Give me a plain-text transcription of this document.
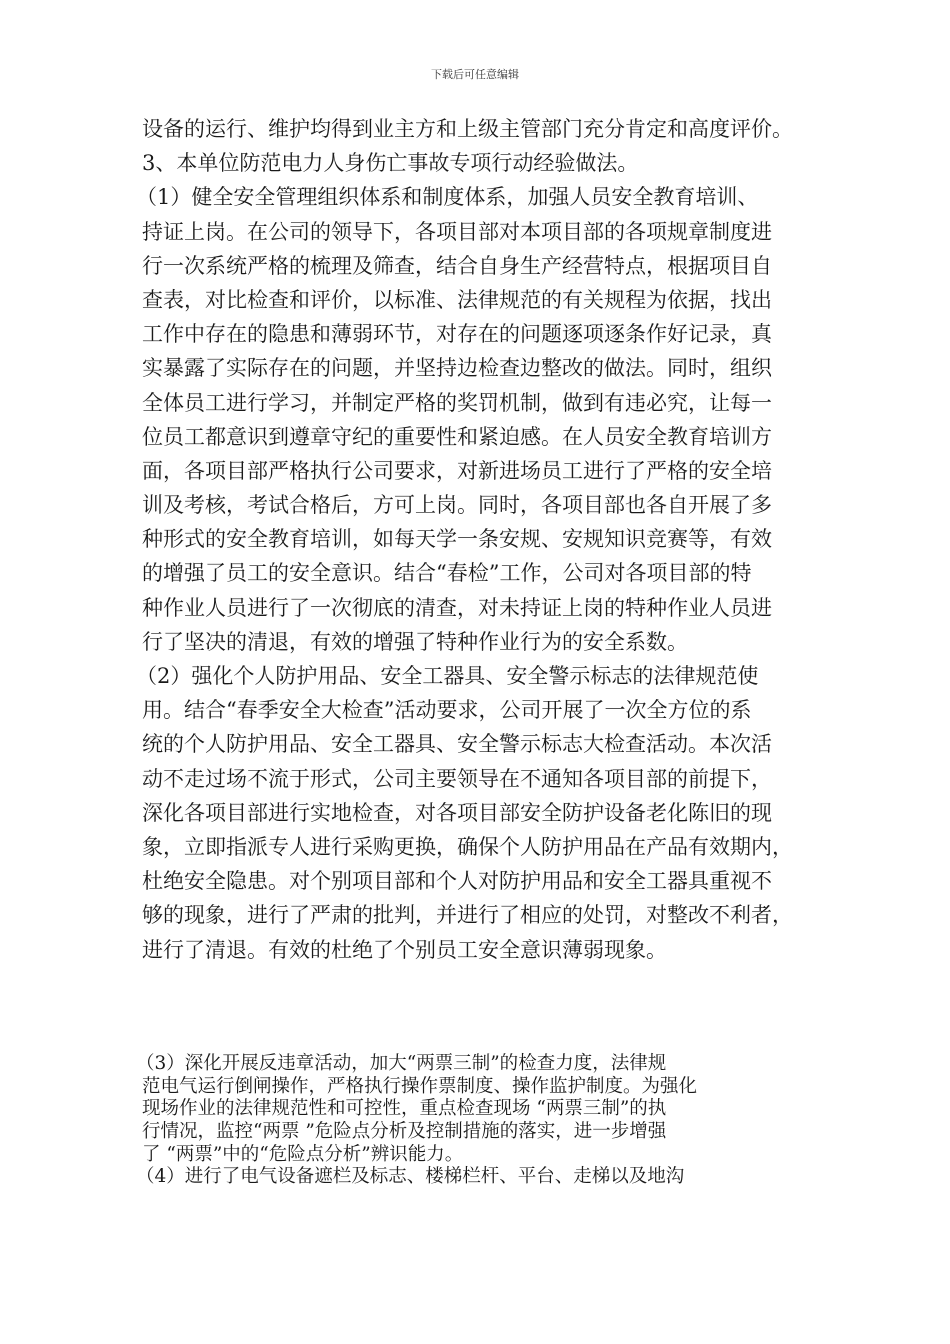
下载后可任意编辑
设备的运行、维护均得到业主方和上级主管部门充分肯定和高度评价。
3、本单位防范电力人身伤亡事故专项行动经验做法。
（1）健全安全管理组织体系和制度体系，加强人员安全教育培训、
持证上岗。在公司的领导下，各项目部对本项目部的各项规章制度进
行一次系统严格的梳理及筛查，结合自身生产经营特点，根据项目自
查表，对比检查和评价，以标准、法律规范的有关规程为依据，找出
工作中存在的隐患和薄弱环节，对存在的问题逐项逐条作好记录，真
实暴露了实际存在的问题，并坚持边检查边整改的做法。同时，组织
全体员工进行学习，并制定严格的奖罚机制，做到有违必究，让每一
位员工都意识到遵章守纪的重要性和紧迫感。在人员安全教育培训方
面，各项目部严格执行公司要求，对新进场员工进行了严格的安全培
训及考核，考试合格后，方可上岗。同时，各项目部也各自开展了多
种形式的安全教育培训，如每天学一条安规、安规知识竞赛等，有效
的增强了员工的安全意识。结合“春检”工作，公司对各项目部的特
种作业人员进行了一次彻底的清查，对未持证上岗的特种作业人员进
行了坚决的清退，有效的增强了特种作业行为的安全系数。
（2）强化个人防护用品、安全工器具、安全警示标志的法律规范使
用。结合“春季安全大检查”活动要求，公司开展了一次全方位的系
统的个人防护用品、安全工器具、安全警示标志大检查活动。本次活
动不走过场不流于形式，公司主要领导在不通知各项目部的前提下，
深化各项目部进行实地检查，对各项目部安全防护设备老化陈旧的现
象，立即指派专人进行采购更换，确保个人防护用品在产品有效期内，
杜绝安全隐患。对个别项目部和个人对防护用品和安全工器具重视不
够的现象，进行了严肃的批判，并进行了相应的处罚，对整改不利者，
进行了清退。有效的杜绝了个别员工安全意识薄弱现象。
（3）深化开展反违章活动，加大“两票三制”的检查力度，法律规
范电气运行倒闸操作，严格执行操作票制度、操作监护制度。为强化
现场作业的法律规范性和可控性，重点检查现场 “两票三制”的执
行情况，监控“两票 ”危险点分析及控制措施的落实，进一步增强
了 “两票”中的“危险点分析”辨识能力。
（4）进行了电气设备遮栏及标志、楼梯栏杆、平台、走梯以及地沟
